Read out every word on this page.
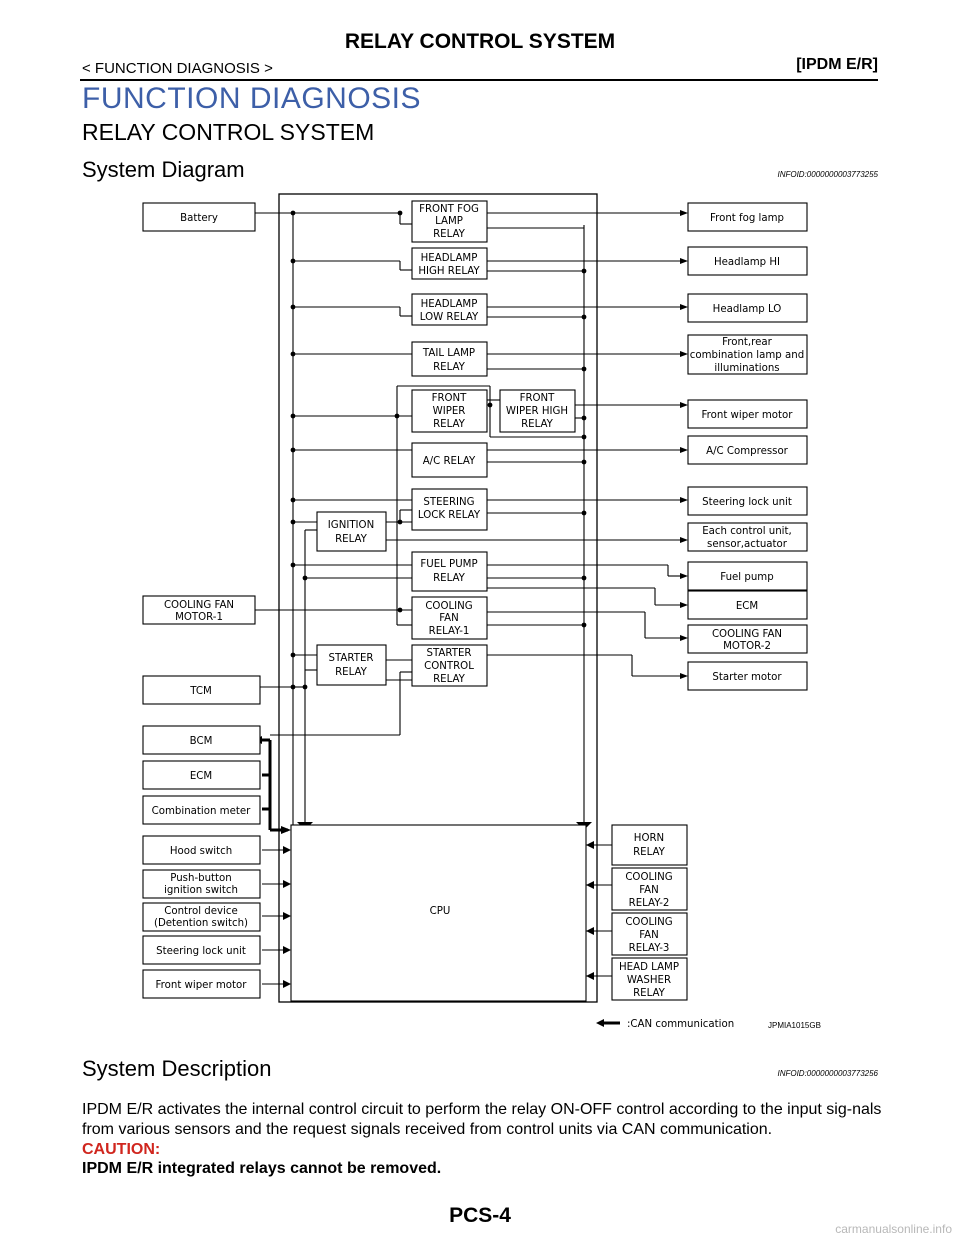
RELAY CONTROL SYSTEM
< FUNCTION DIAGNOSIS >	[IPDM E/R]
FUNCTION DIAGNOSIS
RELAY CONTROL SYSTEM
System Diagram	INFOID:0000000003773255
Battery
COOLING FAN
MOTOR-1
TCM
BCM
ECM
Combination meter
Hood switch
Push-button
ignition switch
Control device
(Detention switch)
Steering lock unit
Front wiper motor
FRONT FOG
LAMP
RELAY
HEADLAMP
HIGH RELAY
HEADLAMP
LOW RELAY
TAIL LAMP
RELAY
FRONT
WIPER
RELAY
FRONT
WIPER HIGH
RELAY
A/C RELAY
STEERING
LOCK RELAY
IGNITION
RELAY
FUEL PUMP
RELAY
COOLING
FAN
RELAY-1
STARTER
RELAY
STARTER
CONTROL
RELAY
CPU
HORN
RELAY
COOLING
FAN
RELAY-2
COOLING
FAN
RELAY-3
HEAD LAMP
WASHER
RELAY
Front fog lamp
Headlamp HI
Headlamp LO
Front,rear
combination lamp and
illuminations
Front wiper motor
A/C Compressor
Steering lock unit
Each control unit,
sensor,actuator
Fuel pump
ECM
COOLING FAN
MOTOR-2
Starter motor
:CAN communication	JPMIA1015GB
System Description	INFOID:0000000003773256
IPDM E/R activates the internal control circuit to perform the relay ON-OFF control according to the input sig-nals from various sensors and the request signals received from control units via CAN communication.
CAUTION:
IPDM E/R integrated relays cannot be removed.
PCS-4
carmanualsonline.info
